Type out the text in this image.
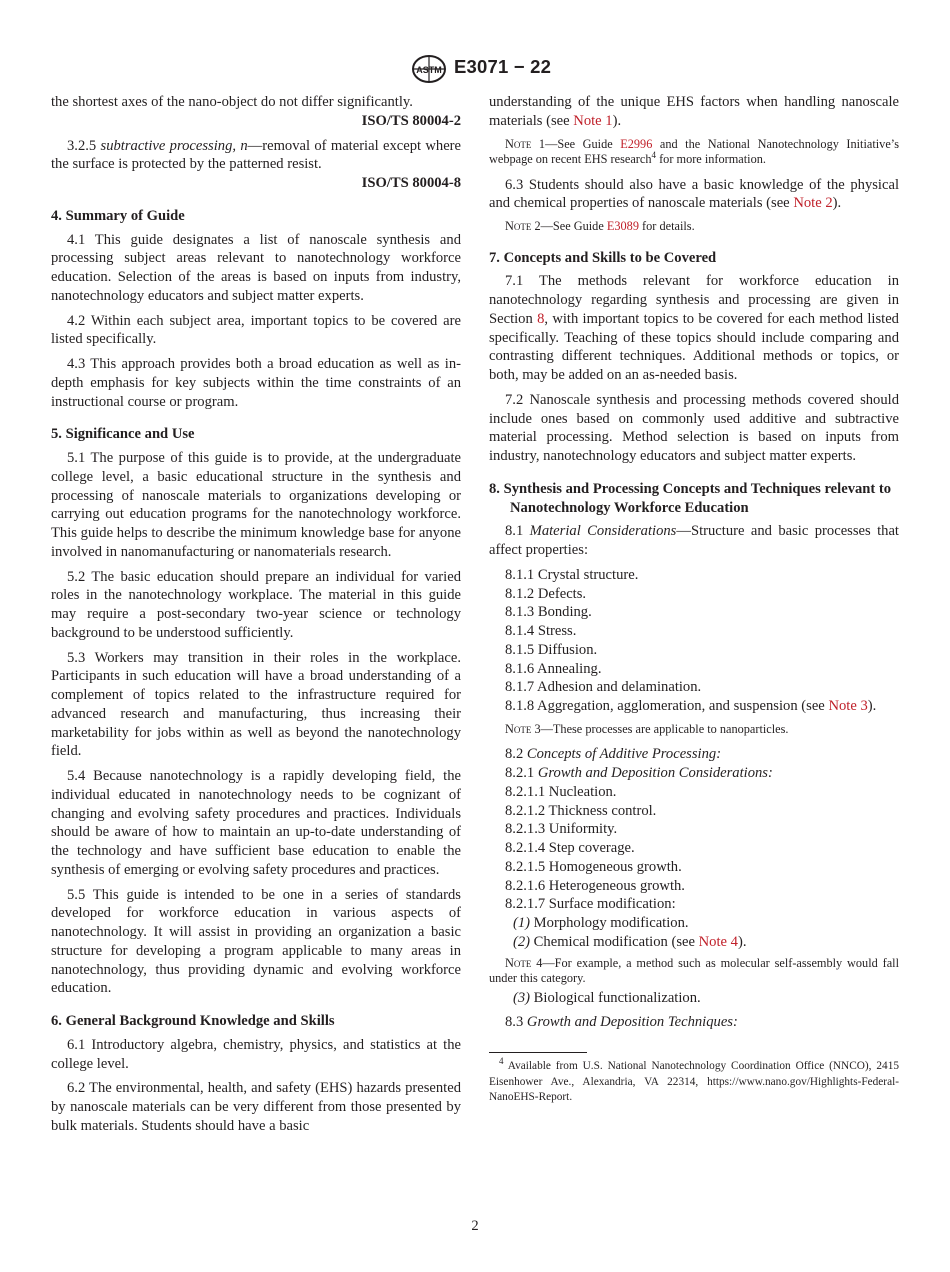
ASTM E3071 − 22

the shortest axes of the nano-object do not differ significantly.

ISO/TS 80004-2

3.2.5 subtractive processing, n—removal of material except where the surface is protected by the patterned resist.

ISO/TS 80004-8

4. Summary of Guide

4.1 This guide designates a list of nanoscale synthesis and processing subject areas relevant to nanotechnology workforce education. Selection of the areas is based on inputs from industry, nanotechnology educators and subject matter experts.

4.2 Within each subject area, important topics to be covered are listed specifically.

4.3 This approach provides both a broad education as well as in-depth emphasis for key subjects within the time constraints of an instructional course or program.

5. Significance and Use

5.1 The purpose of this guide is to provide, at the undergraduate college level, a basic educational structure in the synthesis and processing of nanoscale materials to organizations developing or carrying out education programs for the nanotechnology workforce. This guide helps to describe the minimum knowledge base for anyone involved in nanomanufacturing or nanomaterials research.

5.2 The basic education should prepare an individual for varied roles in the nanotechnology workplace. The material in this guide may require a post-secondary two-year science or technology background to be understood sufficiently.

5.3 Workers may transition in their roles in the workplace. Participants in such education will have a broad understanding of a complement of topics related to the infrastructure required for advanced research and manufacturing, thus increasing their marketability for jobs within as well as beyond the nanotechnology field.

5.4 Because nanotechnology is a rapidly developing field, the individual educated in nanotechnology needs to be cognizant of changing and evolving safety procedures and practices. Individuals should be aware of how to maintain an up-to-date understanding of the technology and have sufficient base education to enable the synthesis of emerging or evolving safety procedures and practices.

5.5 This guide is intended to be one in a series of standards developed for workforce education in various aspects of nanotechnology. It will assist in providing an organization a basic structure for developing a program applicable to many areas in nanotechnology, thus providing dynamic and evolving workforce education.

6. General Background Knowledge and Skills

6.1 Introductory algebra, chemistry, physics, and statistics at the college level.

6.2 The environmental, health, and safety (EHS) hazards presented by nanoscale materials can be very different from those presented by bulk materials. Students should have a basic

understanding of the unique EHS factors when handling nanoscale materials (see Note 1).

Note 1—See Guide E2996 and the National Nanotechnology Initiative’s webpage on recent EHS research$^4$ for more information.

6.3 Students should also have a basic knowledge of the physical and chemical properties of nanoscale materials (see Note 2).

Note 2—See Guide E3089 for details.

7. Concepts and Skills to be Covered

7.1 The methods relevant for workforce education in nanotechnology regarding synthesis and processing are given in Section 8, with important topics to be covered for each method listed specifically. Teaching of these topics should include comparing and contrasting different techniques. Additional methods or topics, or both, may be added on an as-needed basis.

7.2 Nanoscale synthesis and processing methods covered should include ones based on commonly used additive and subtractive material processing. Method selection is based on inputs from industry, nanotechnology educators and subject matter experts.

8. Synthesis and Processing Concepts and Techniques relevant to Nanotechnology Workforce Education

8.1 Material Considerations—Structure and basic processes that affect properties:

8.1.1 Crystal structure.

8.1.2 Defects.

8.1.3 Bonding.

8.1.4 Stress.

8.1.5 Diffusion.

8.1.6 Annealing.

8.1.7 Adhesion and delamination.

8.1.8 Aggregation, agglomeration, and suspension (see Note 3).

Note 3—These processes are applicable to nanoparticles.

8.2 Concepts of Additive Processing:

8.2.1 Growth and Deposition Considerations:

8.2.1.1 Nucleation.

8.2.1.2 Thickness control.

8.2.1.3 Uniformity.

8.2.1.4 Step coverage.

8.2.1.5 Homogeneous growth.

8.2.1.6 Heterogeneous growth.

8.2.1.7 Surface modification:

(1) Morphology modification.

(2) Chemical modification (see Note 4).

Note 4—For example, a method such as molecular self-assembly would fall under this category.

(3) Biological functionalization.

8.3 Growth and Deposition Techniques:

$^4$ Available from U.S. National Nanotechnology Coordination Office (NNCO), 2415 Eisenhower Ave., Alexandria, VA 22314, https://www.nano.gov/Highlights-Federal-NanoEHS-Report.

2
